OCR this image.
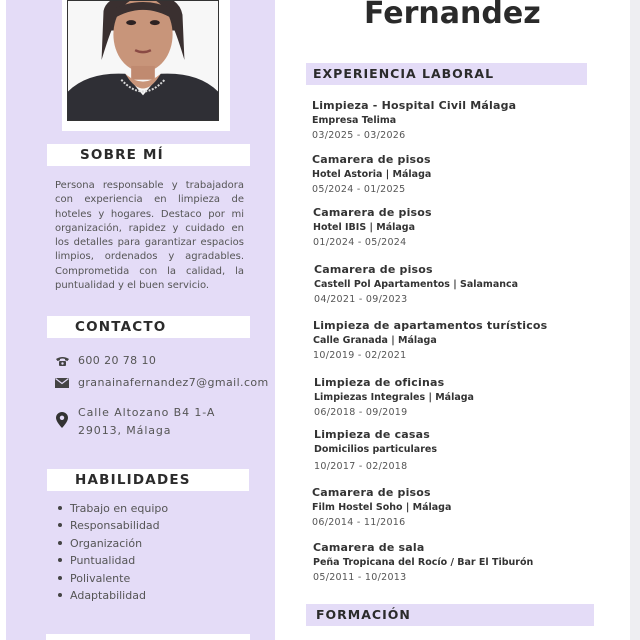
SOBRE MÍ

Persona responsable y trabajadora con experiencia en limpieza de hoteles y hogares. Destaco por mi organización, rapidez y cuidado en los detalles para garantizar espacios limpios, ordenados y agradables. Comprometida con la calidad, la puntualidad y el buen servicio.

CONTACTO
600 20 78 10
granainafernandez7@gmail.com
Calle Altozano B4 1-A
29013, Málaga
HABILIDADES
Trabajo en equipo
Responsabilidad
Organización
Puntualidad
Polivalente
Adaptabilidad
Fernandez
EXPERIENCIA LABORAL
Limpieza - Hospital Civil Málaga
Empresa Telima
03/2025 - 03/2026
Camarera de pisos
Hotel Astoria | Málaga
05/2024 - 01/2025
Camarera de pisos
Hotel IBIS | Málaga
01/2024 - 05/2024
Camarera de pisos
Castell Pol Apartamentos | Salamanca
04/2021 - 09/2023
Limpieza de apartamentos turísticos
Calle Granada | Málaga
10/2019 - 02/2021
Limpieza de oficinas
Limpiezas Integrales | Málaga
06/2018 - 09/2019
Limpieza de casas
Domicilios particulares
10/2017 - 02/2018
Camarera de pisos
Film Hostel Soho | Málaga
06/2014 - 11/2016
Camarera de sala
Peña Tropicana del Rocío / Bar El Tiburón
05/2011 - 10/2013
FORMACIÓN
